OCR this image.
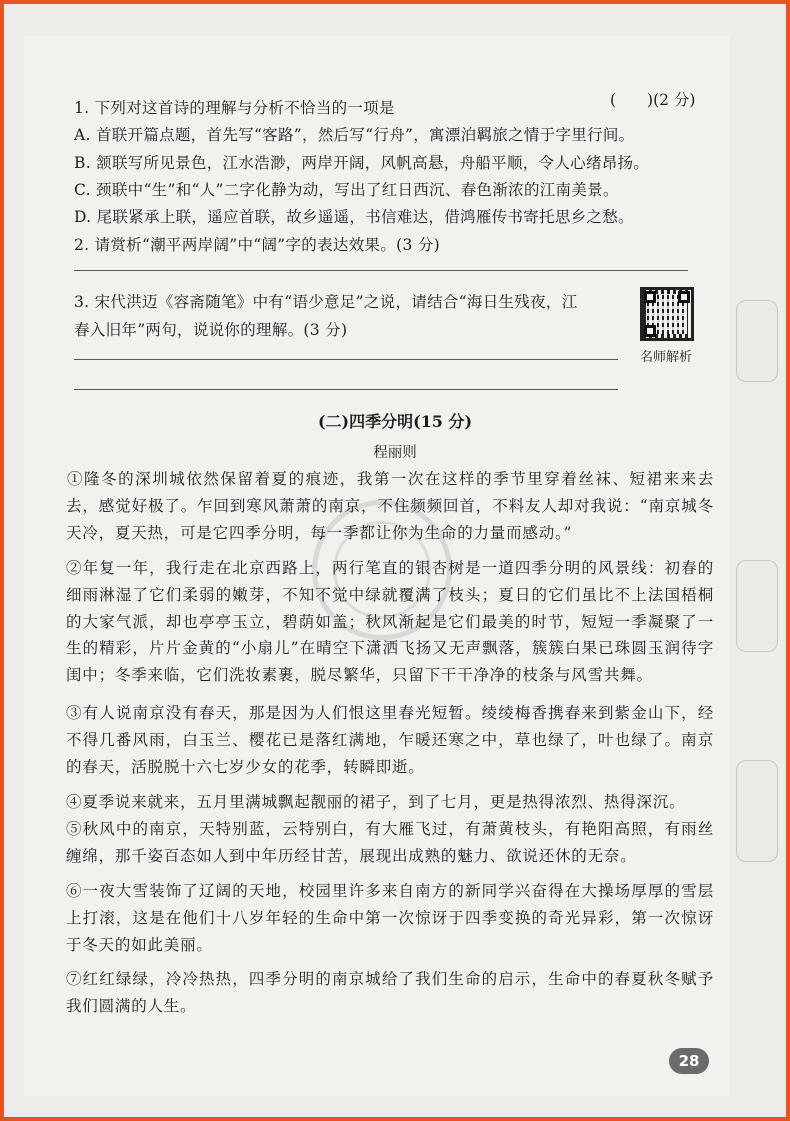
1. 下列对这首诗的理解与分析不恰当的一项是	(　　)(2 分)
A. 首联开篇点题，首先写“客路”，然后写“行舟”，寓漂泊羁旅之情于字里行间。
B. 颔联写所见景色，江水浩渺，两岸开阔，风帆高悬，舟船平顺，令人心绪昂扬。
C. 颈联中“生”和“人”二字化静为动，写出了红日西沉、春色渐浓的江南美景。
D. 尾联紧承上联，遥应首联，故乡遥遥，书信难达，借鸿雁传书寄托思乡之愁。
2. 请赏析“潮平两岸阔”中“阔”字的表达效果。(3 分)
3. 宋代洪迈《容斋随笔》中有“语少意足”之说，请结合“海日生残夜，江
春入旧年”两句，说说你的理解。(3 分)
名师解析
(二)四季分明(15 分)
程丽则
①隆冬的深圳城依然保留着夏的痕迹，我第一次在这样的季节里穿着丝袜、短裙来来去去，感觉好极了。乍回到寒风萧萧的南京，不住频频回首，不料友人却对我说：“南京城冬天冷，夏天热，可是它四季分明，每一季都让你为生命的力量而感动。”
②年复一年，我行走在北京西路上，两行笔直的银杏树是一道四季分明的风景线：初春的细雨淋湿了它们柔弱的嫩芽，不知不觉中绿就覆满了枝头；夏日的它们虽比不上法国梧桐的大家气派，却也亭亭玉立，碧荫如盖；秋风渐起是它们最美的时节，短短一季凝聚了一生的精彩，片片金黄的“小扇儿”在晴空下潇洒飞扬又无声飘落，簇簇白果已珠圆玉润待字闺中；冬季来临，它们洗妆素裹，脱尽繁华，只留下干干净净的枝条与风雪共舞。
③有人说南京没有春天，那是因为人们恨这里春光短暂。绫绫梅香携春来到紫金山下，经不得几番风雨，白玉兰、樱花已是落红满地，乍暖还寒之中，草也绿了，叶也绿了。南京的春天，活脱脱十六七岁少女的花季，转瞬即逝。
④夏季说来就来，五月里满城飘起靓丽的裙子，到了七月，更是热得浓烈、热得深沉。
⑤秋风中的南京，天特别蓝，云特别白，有大雁飞过，有萧黄枝头，有艳阳高照，有雨丝缠绵，那千姿百态如人到中年历经甘苦，展现出成熟的魅力、欲说还休的无奈。
⑥一夜大雪装饰了辽阔的天地，校园里许多来自南方的新同学兴奋得在大操场厚厚的雪层上打滚，这是在他们十八岁年轻的生命中第一次惊讶于四季变换的奇光异彩，第一次惊讶于冬天的如此美丽。
⑦红红绿绿，冷冷热热，四季分明的南京城给了我们生命的启示，生命中的春夏秋冬赋予我们圆满的人生。
28
